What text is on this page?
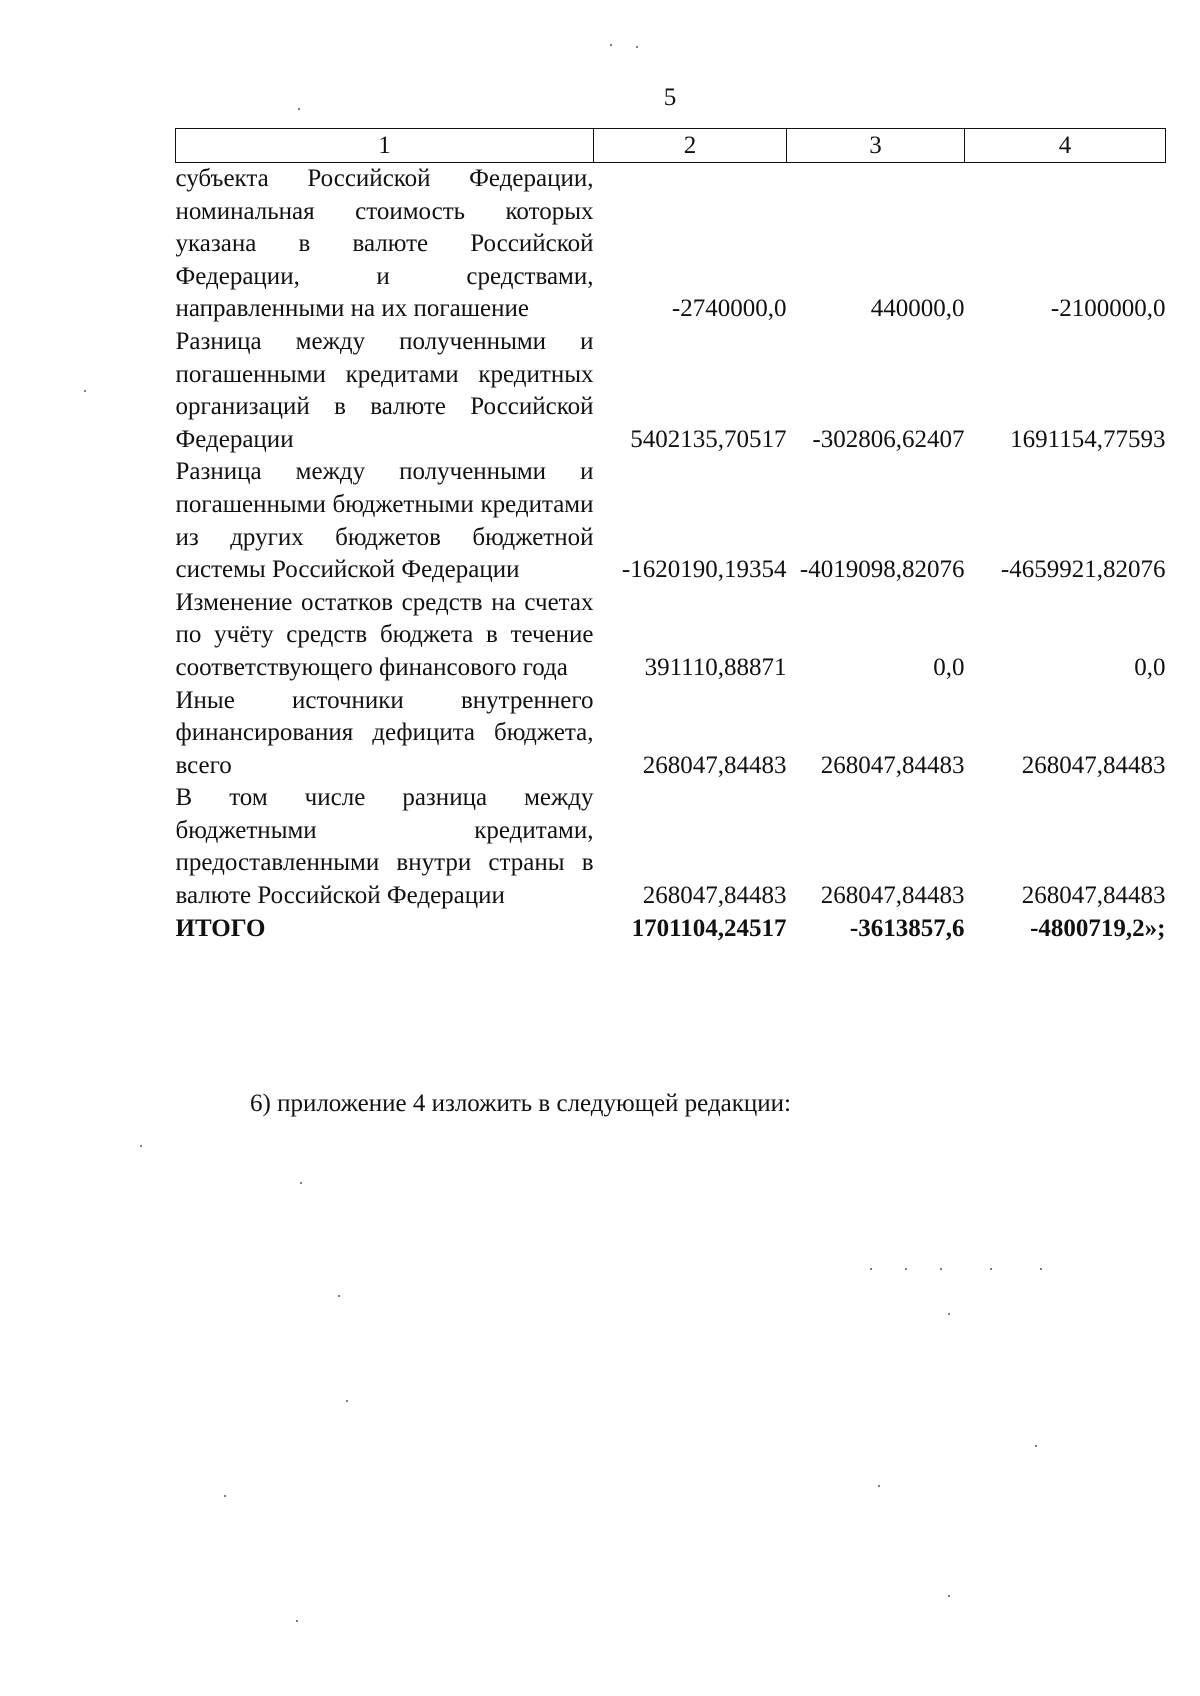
5
1	2	3	4
субъекта Российской Федерации, номинальная стоимость которых указана в валюте Российской Федерации, и средствами, направленными на их погашение	-2740000,0	440000,0	-2100000,0
Разница между полученными и погашенными кредитами кредитных организаций в валюте Российской Федерации	5402135,70517	-302806,62407	1691154,77593
Разница между полученными и погашенными бюджетными кредитами из других бюджетов бюджетной системы Российской Федерации	-1620190,19354	-4019098,82076	-4659921,82076
Изменение остатков средств на счетах по учёту средств бюджета в течение соответствующего финансового года	391110,88871	0,0	0,0
Иные источники внутреннего финансирования дефицита бюджета, всего	268047,84483	268047,84483	268047,84483
В том числе разница между бюджетными кредитами, предоставленными внутри страны в валюте Российской Федерации	268047,84483	268047,84483	268047,84483
ИТОГО	1701104,24517	-3613857,6	-4800719,2»;
6) приложение 4 изложить в следующей редакции:
